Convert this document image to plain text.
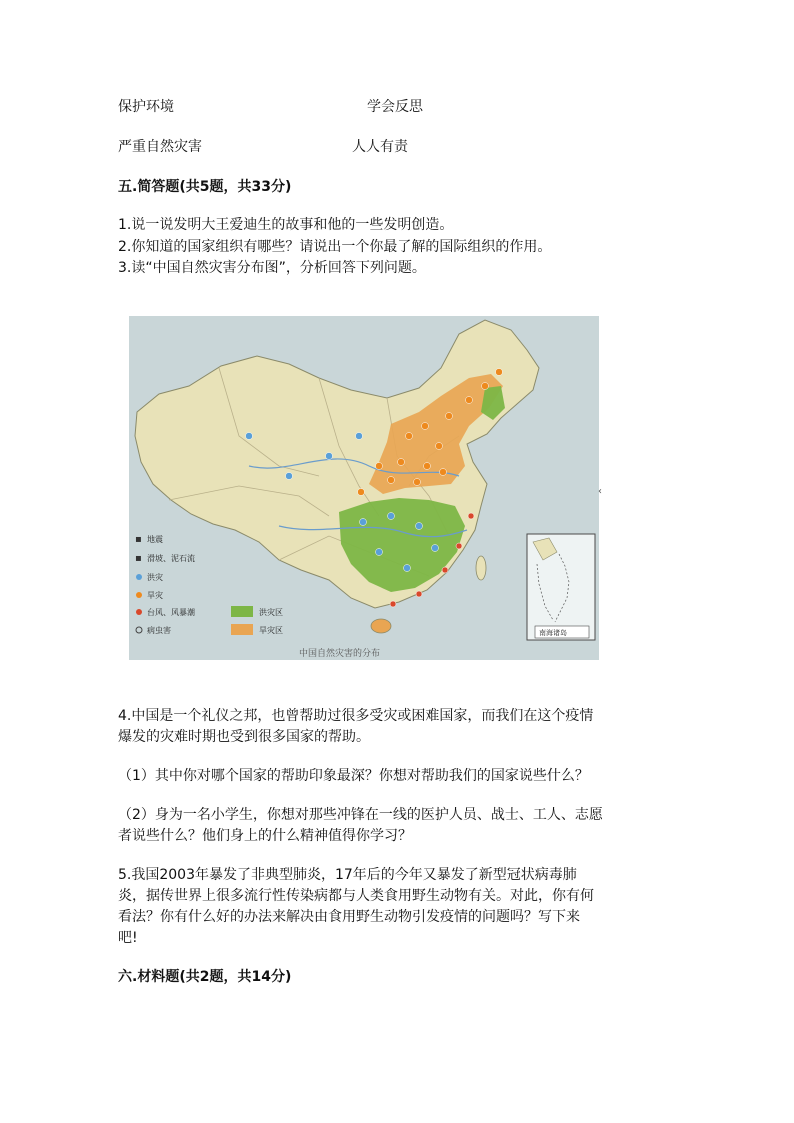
保护环境	学会反思
严重自然灾害	人人有责
五.简答题(共5题，共33分)
1.说一说发明大王爱迪生的故事和他的一些发明创造。
2.你知道的国家组织有哪些？请说出一个你最了解的国际组织的作用。
3.读“中国自然灾害分布图”，分析回答下列问题。
▪ 地震
▪ 滑坡、泥石流
洪灾
旱灾
台风、风暴潮
病虫害
洪灾区
旱灾区	南海诸岛
中国自然灾害的分布
‹
4.中国是一个礼仪之邦，也曾帮助过很多受灾或困难国家，而我们在这个疫情
爆发的灾难时期也受到很多国家的帮助。
（1）其中你对哪个国家的帮助印象最深？你想对帮助我们的国家说些什么？
（2）身为一名小学生，你想对那些冲锋在一线的医护人员、战士、工人、志愿
者说些什么？他们身上的什么精神值得你学习？
5.我国2003年暴发了非典型肺炎，17年后的今年又暴发了新型冠状病毒肺
炎，据传世界上很多流行性传染病都与人类食用野生动物有关。对此，你有何
看法？你有什么好的办法来解决由食用野生动物引发疫情的问题吗？写下来
吧!
六.材料题(共2题，共14分)
